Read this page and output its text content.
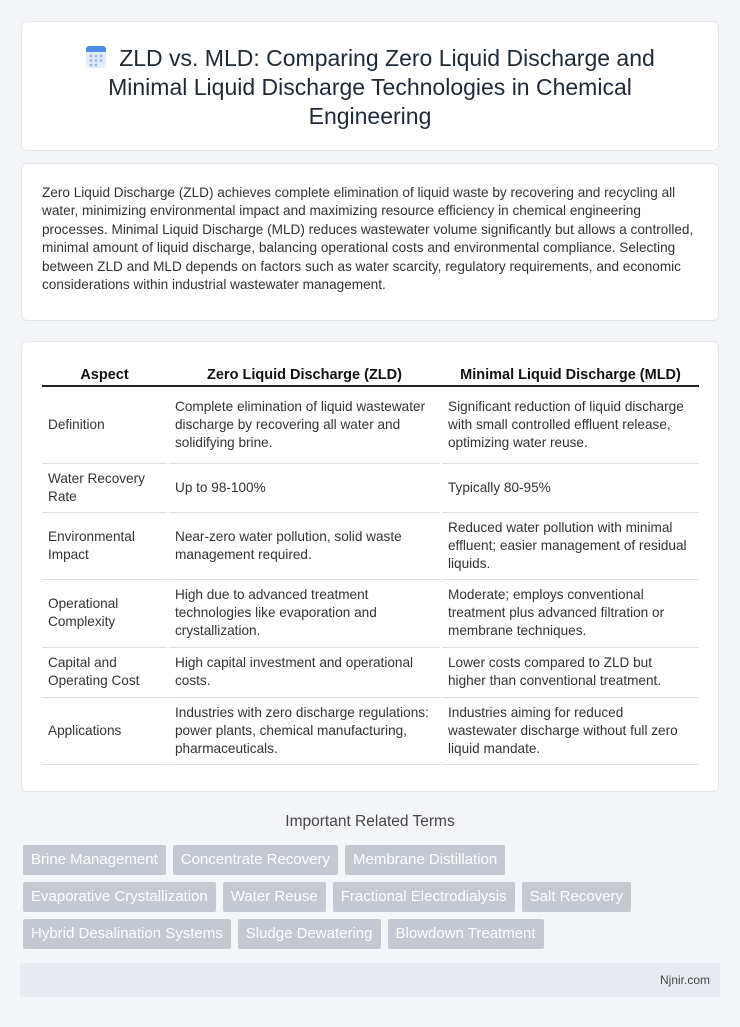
ZLD vs. MLD: Comparing Zero Liquid Discharge and Minimal Liquid Discharge Technologies in Chemical Engineering

Zero Liquid Discharge (ZLD) achieves complete elimination of liquid waste by recovering and recycling all water, minimizing environmental impact and maximizing resource efficiency in chemical engineering processes. Minimal Liquid Discharge (MLD) reduces wastewater volume significantly but allows a controlled, minimal amount of liquid discharge, balancing operational costs and environmental compliance. Selecting between ZLD and MLD depends on factors such as water scarcity, regulatory requirements, and economic considerations within industrial wastewater management.

Aspect	Zero Liquid Discharge (ZLD)	Minimal Liquid Discharge (MLD)
Definition	Complete elimination of liquid wastewater discharge by recovering all water and solidifying brine.	Significant reduction of liquid discharge with small controlled effluent release, optimizing water reuse.
Water Recovery Rate	Up to 98-100%	Typically 80-95%
Environmental Impact	Near-zero water pollution, solid waste management required.	Reduced water pollution with minimal effluent; easier management of residual liquids.
Operational Complexity	High due to advanced treatment technologies like evaporation and crystallization.	Moderate; employs conventional treatment plus advanced filtration or membrane techniques.
Capital and Operating Cost	High capital investment and operational costs.	Lower costs compared to ZLD but higher than conventional treatment.
Applications	Industries with zero discharge regulations: power plants, chemical manufacturing, pharmaceuticals.	Industries aiming for reduced wastewater discharge without full zero liquid mandate.
Important Related Terms
Brine Management	Concentrate Recovery	Membrane Distillation
Evaporative Crystallization	Water Reuse	Fractional Electrodialysis	Salt Recovery
Hybrid Desalination Systems	Sludge Dewatering	Blowdown Treatment
Njnir.com
